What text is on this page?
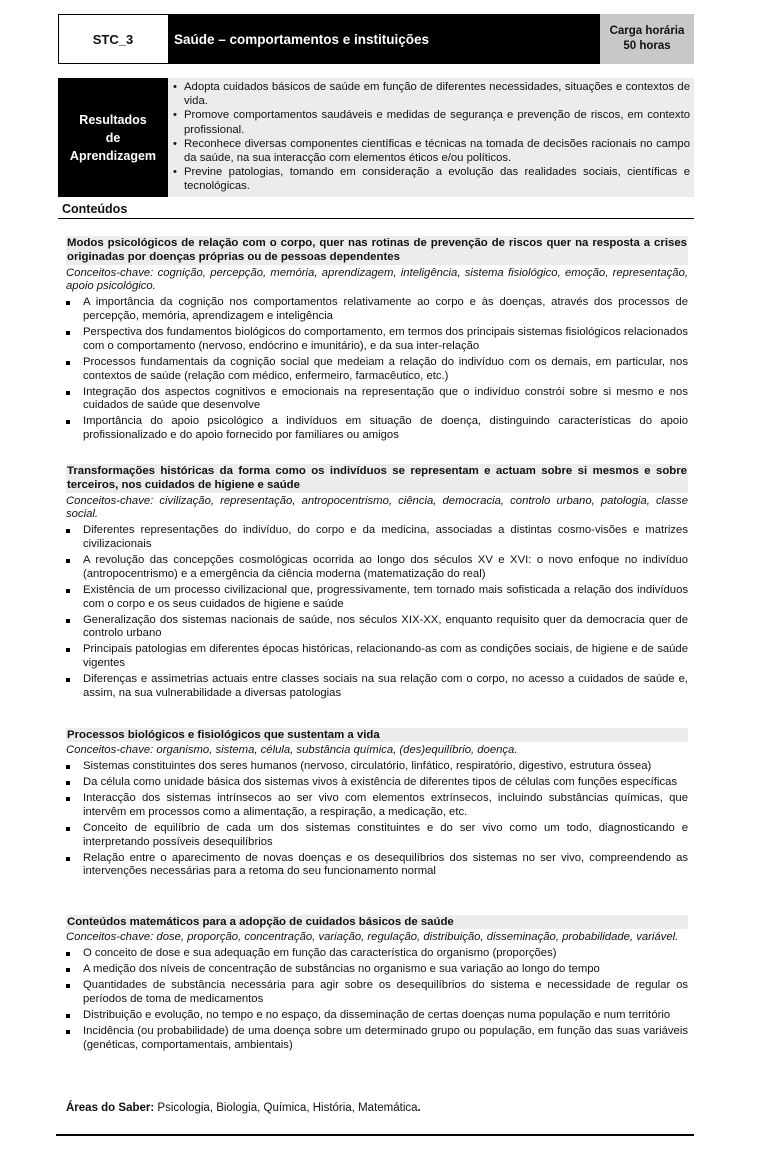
STC_3	Saúde – comportamentos e instituições
Carga horária
50 horas
Resultados
de
Aprendizagem
• Adopta cuidados básicos de saúde em função de diferentes necessidades, situações e contextos de vida.
• Promove comportamentos saudáveis e medidas de segurança e prevenção de riscos, em contexto profissional.
• Reconhece diversas componentes científicas e técnicas na tomada de decisões racionais no campo da saúde, na sua interacção com elementos éticos e/ou políticos.
• Previne patologias, tomando em consideração a evolução das realidades sociais, científicas e tecnológicas.
Conteúdos
Modos psicológicos de relação com o corpo, quer nas rotinas de prevenção de riscos quer na resposta a crises originadas por doenças próprias ou de pessoas dependentes
Conceitos-chave: cognição, percepção, memória, aprendizagem, inteligência, sistema fisiológico, emoção, representação, apoio psicológico.
A importância da cognição nos comportamentos relativamente ao corpo e às doenças, através dos processos de percepção, memória, aprendizagem e inteligência
Perspectiva dos fundamentos biológicos do comportamento, em termos dos principais sistemas fisiológicos relacionados com o comportamento (nervoso, endócrino e imunitário), e da sua inter-relação
Processos fundamentais da cognição social que medeiam a relação do indivíduo com os demais, em particular, nos contextos de saúde (relação com médico, enfermeiro, farmacêutico, etc.)
Integração dos aspectos cognitivos e emocionais na representação que o indivíduo constrói sobre si mesmo e nos cuidados de saúde que desenvolve
Importância do apoio psicológico a indivíduos em situação de doença, distinguindo características do apoio profissionalizado e do apoio fornecido por familiares ou amigos
Transformações históricas da forma como os indivíduos se representam e actuam sobre si mesmos e sobre terceiros, nos cuidados de higiene e saúde
Conceitos-chave: civilização, representação, antropocentrismo, ciência, democracia, controlo urbano, patologia, classe social.
Diferentes representações do indivíduo, do corpo e da medicina, associadas a distintas cosmo-visões e matrizes civilizacionais
A revolução das concepções cosmológicas ocorrida ao longo dos séculos XV e XVI: o novo enfoque no indivíduo (antropocentrismo) e a emergência da ciência moderna (matematização do real)
Existência de um processo civilizacional que, progressivamente, tem tornado mais sofisticada a relação dos indivíduos com o corpo e os seus cuidados de higiene e saúde
Generalização dos sistemas nacionais de saúde, nos séculos XIX-XX, enquanto requisito quer da democracia quer de controlo urbano
Principais patologias em diferentes épocas históricas, relacionando-as com as condições sociais, de higiene e de saúde vigentes
Diferenças e assimetrias actuais entre classes sociais na sua relação com o corpo, no acesso a cuidados de saúde e, assim, na sua vulnerabilidade a diversas patologias
Processos biológicos e fisiológicos que sustentam a vida
Conceitos-chave: organismo, sistema, célula, substância química, (des)equilíbrio, doença.
Sistemas constituintes dos seres humanos (nervoso, circulatório, linfático, respiratório, digestivo, estrutura óssea)
Da célula como unidade básica dos sistemas vivos à existência de diferentes tipos de células com funções específicas
Interacção dos sistemas intrínsecos ao ser vivo com elementos extrínsecos, incluindo substâncias químicas, que intervêm em processos como a alimentação, a respiração, a medicação, etc.
Conceito de equilíbrio de cada um dos sistemas constituintes e do ser vivo como um todo, diagnosticando e interpretando possíveis desequilíbrios
Relação entre o aparecimento de novas doenças e os desequilíbrios dos sistemas no ser vivo, compreendendo as intervenções necessárias para a retoma do seu funcionamento normal
Conteúdos matemáticos para a adopção de cuidados básicos de saúde
Conceitos-chave: dose, proporção, concentração, variação, regulação, distribuição, disseminação, probabilidade, variável.
O conceito de dose e sua adequação em função das característica do organismo (proporções)
A medição dos níveis de concentração de substâncias no organismo e sua variação ao longo do tempo
Quantidades de substância necessária para agir sobre os desequilíbrios do sistema e necessidade de regular os períodos de toma de medicamentos
Distribuição e evolução, no tempo e no espaço, da disseminação de certas doenças numa população e num território
Incidência (ou probabilidade) de uma doença sobre um determinado grupo ou população, em função das suas variáveis (genéticas, comportamentais, ambientais)
Áreas do Saber: Psicologia, Biologia, Química, História, Matemática.
